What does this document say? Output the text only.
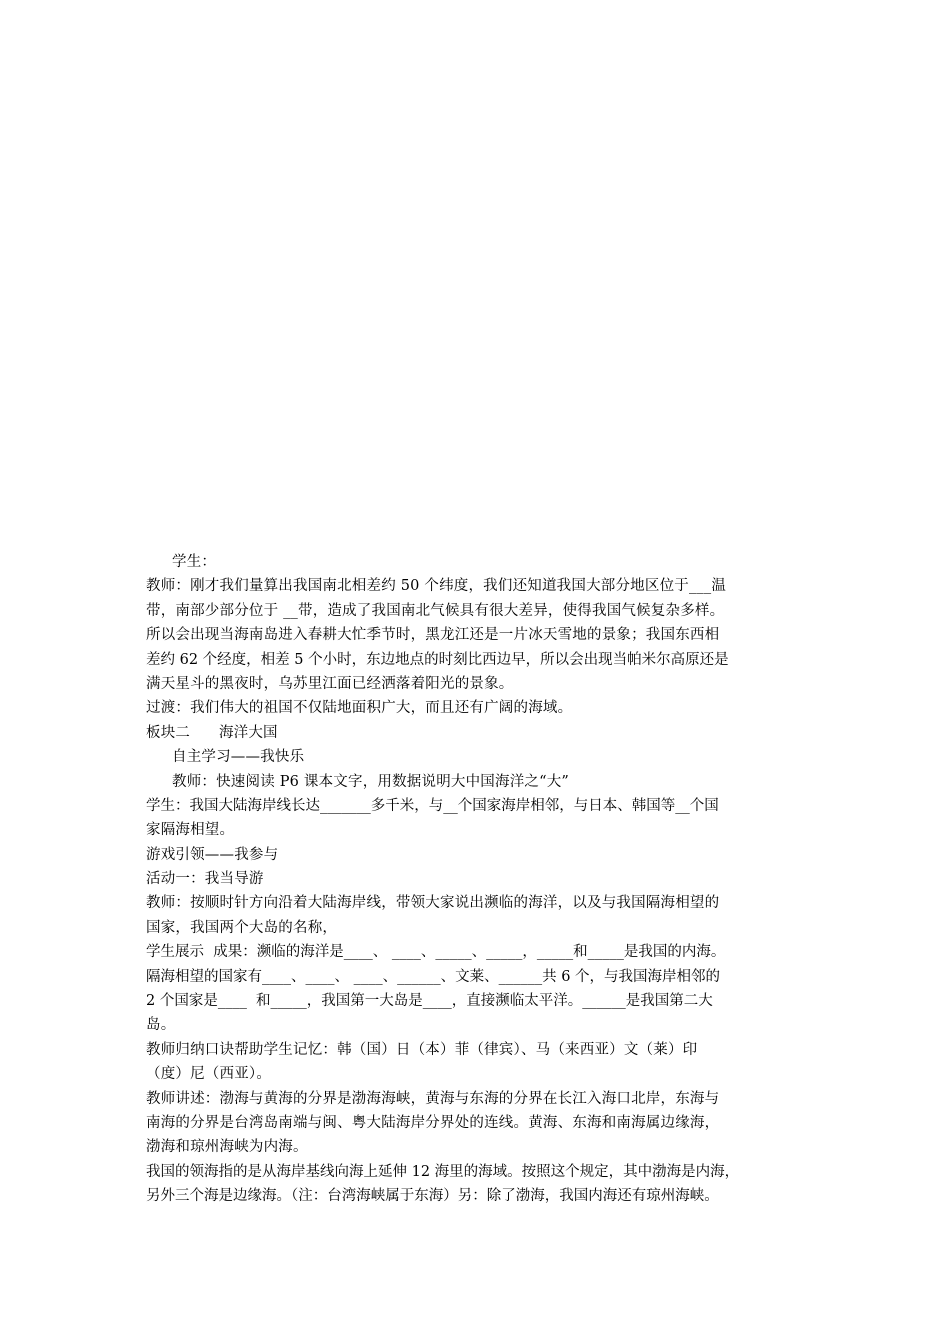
学生：
教师：刚才我们量算出我国南北相差约 50 个纬度，我们还知道我国大部分地区位于___温
带，南部少部分位于 __带，造成了我国南北气候具有很大差异，使得我国气候复杂多样。
所以会出现当海南岛进入春耕大忙季节时，黑龙江还是一片冰天雪地的景象；我国东西相
差约 62 个经度，相差 5 个小时，东边地点的时刻比西边早，所以会出现当帕米尔高原还是
满天星斗的黑夜时，乌苏里江面已经洒落着阳光的景象。
过渡：我们伟大的祖国不仅陆地面积广大，而且还有广阔的海域。
板块二      海洋大国
自主学习——我快乐
教师：快速阅读 P6 课本文字，用数据说明大中国海洋之“大”
学生：我国大陆海岸线长达_______多千米，与__个国家海岸相邻，与日本、韩国等__个国
家隔海相望。
游戏引领——我参与
活动一：我当导游
教师：按顺时针方向沿着大陆海岸线，带领大家说出濒临的海洋，以及与我国隔海相望的
国家，我国两个大岛的名称，
学生展示  成果：濒临的海洋是____、 ____、_____、_____，_____和_____是我国的内海。
隔海相望的国家有____、____、 ____、______、文莱、______共 6 个，与我国海岸相邻的
2 个国家是____  和_____，我国第一大岛是____，直接濒临太平洋。______是我国第二大
岛。
教师归纳口诀帮助学生记忆：韩（国）日（本）菲（律宾）、马（来西亚）文（莱）印
（度）尼（西亚）。
教师讲述：渤海与黄海的分界是渤海海峡，黄海与东海的分界在长江入海口北岸，东海与
南海的分界是台湾岛南端与闽、粤大陆海岸分界处的连线。黄海、东海和南海属边缘海，
渤海和琼州海峡为内海。
我国的领海指的是从海岸基线向海上延伸 12 海里的海域。按照这个规定，其中渤海是内海，
另外三个海是边缘海。（注：台湾海峡属于东海）另：除了渤海，我国内海还有琼州海峡。
